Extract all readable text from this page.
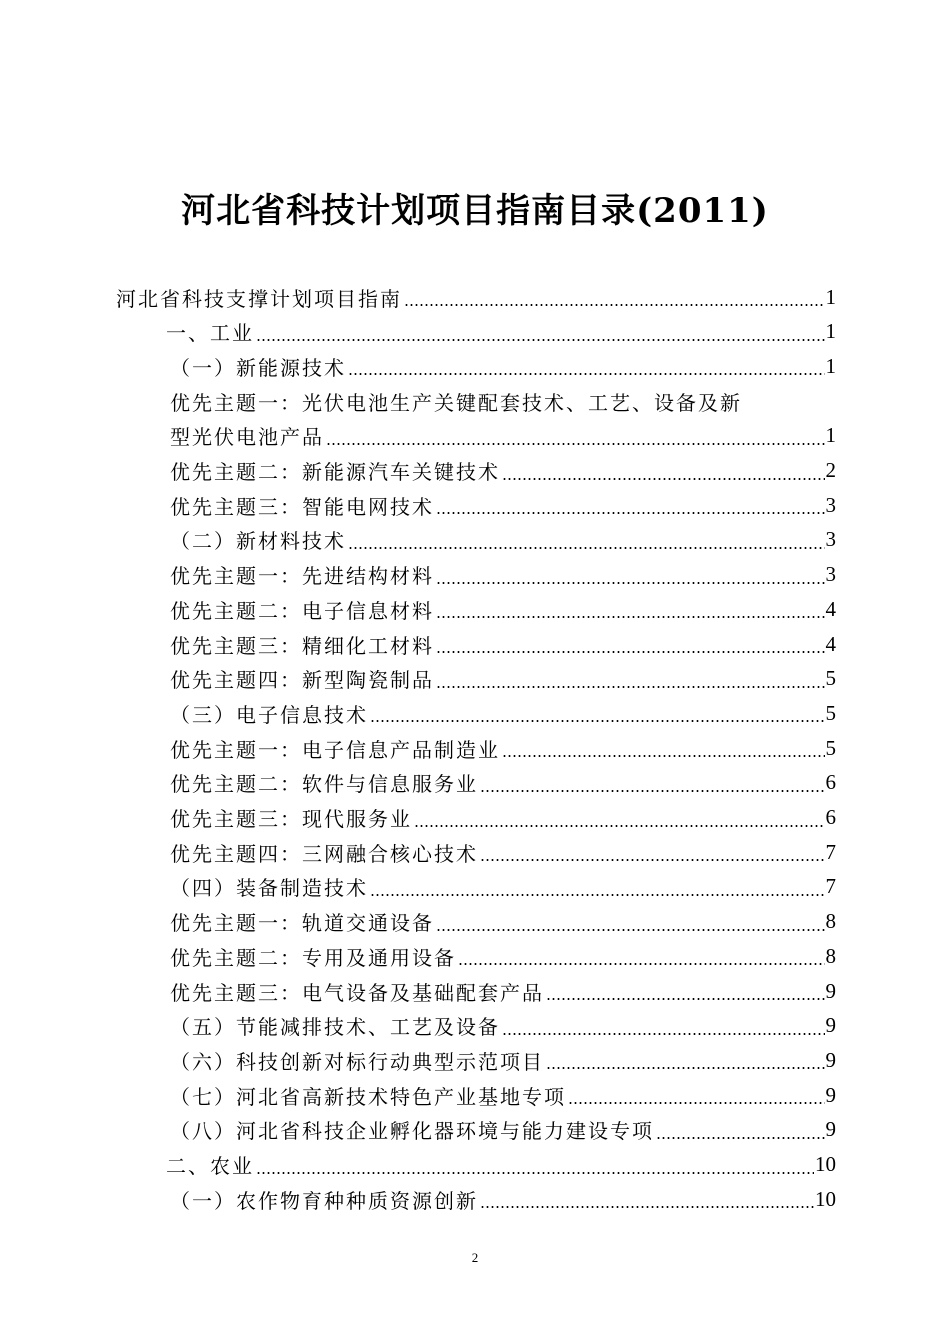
河北省科技计划项目指南目录(2011)
河北省科技支撑计划项目指南	1
一、工业	1
（一）新能源技术	1
优先主题一：光伏电池生产关键配套技术、工艺、设备及新
型光伏电池产品	1
优先主题二：新能源汽车关键技术	2
优先主题三：智能电网技术	3
（二）新材料技术	3
优先主题一：先进结构材料	3
优先主题二：电子信息材料	4
优先主题三：精细化工材料	4
优先主题四：新型陶瓷制品	5
（三）电子信息技术	5
优先主题一：电子信息产品制造业	5
优先主题二：软件与信息服务业	6
优先主题三：现代服务业	6
优先主题四：三网融合核心技术	7
（四）装备制造技术	7
优先主题一：轨道交通设备	8
优先主题二：专用及通用设备	8
优先主题三：电气设备及基础配套产品	9
（五）节能减排技术、工艺及设备	9
（六）科技创新对标行动典型示范项目	9
（七）河北省高新技术特色产业基地专项	9
（八）河北省科技企业孵化器环境与能力建设专项	9
二、农业	10
（一）农作物育种种质资源创新	10
2
